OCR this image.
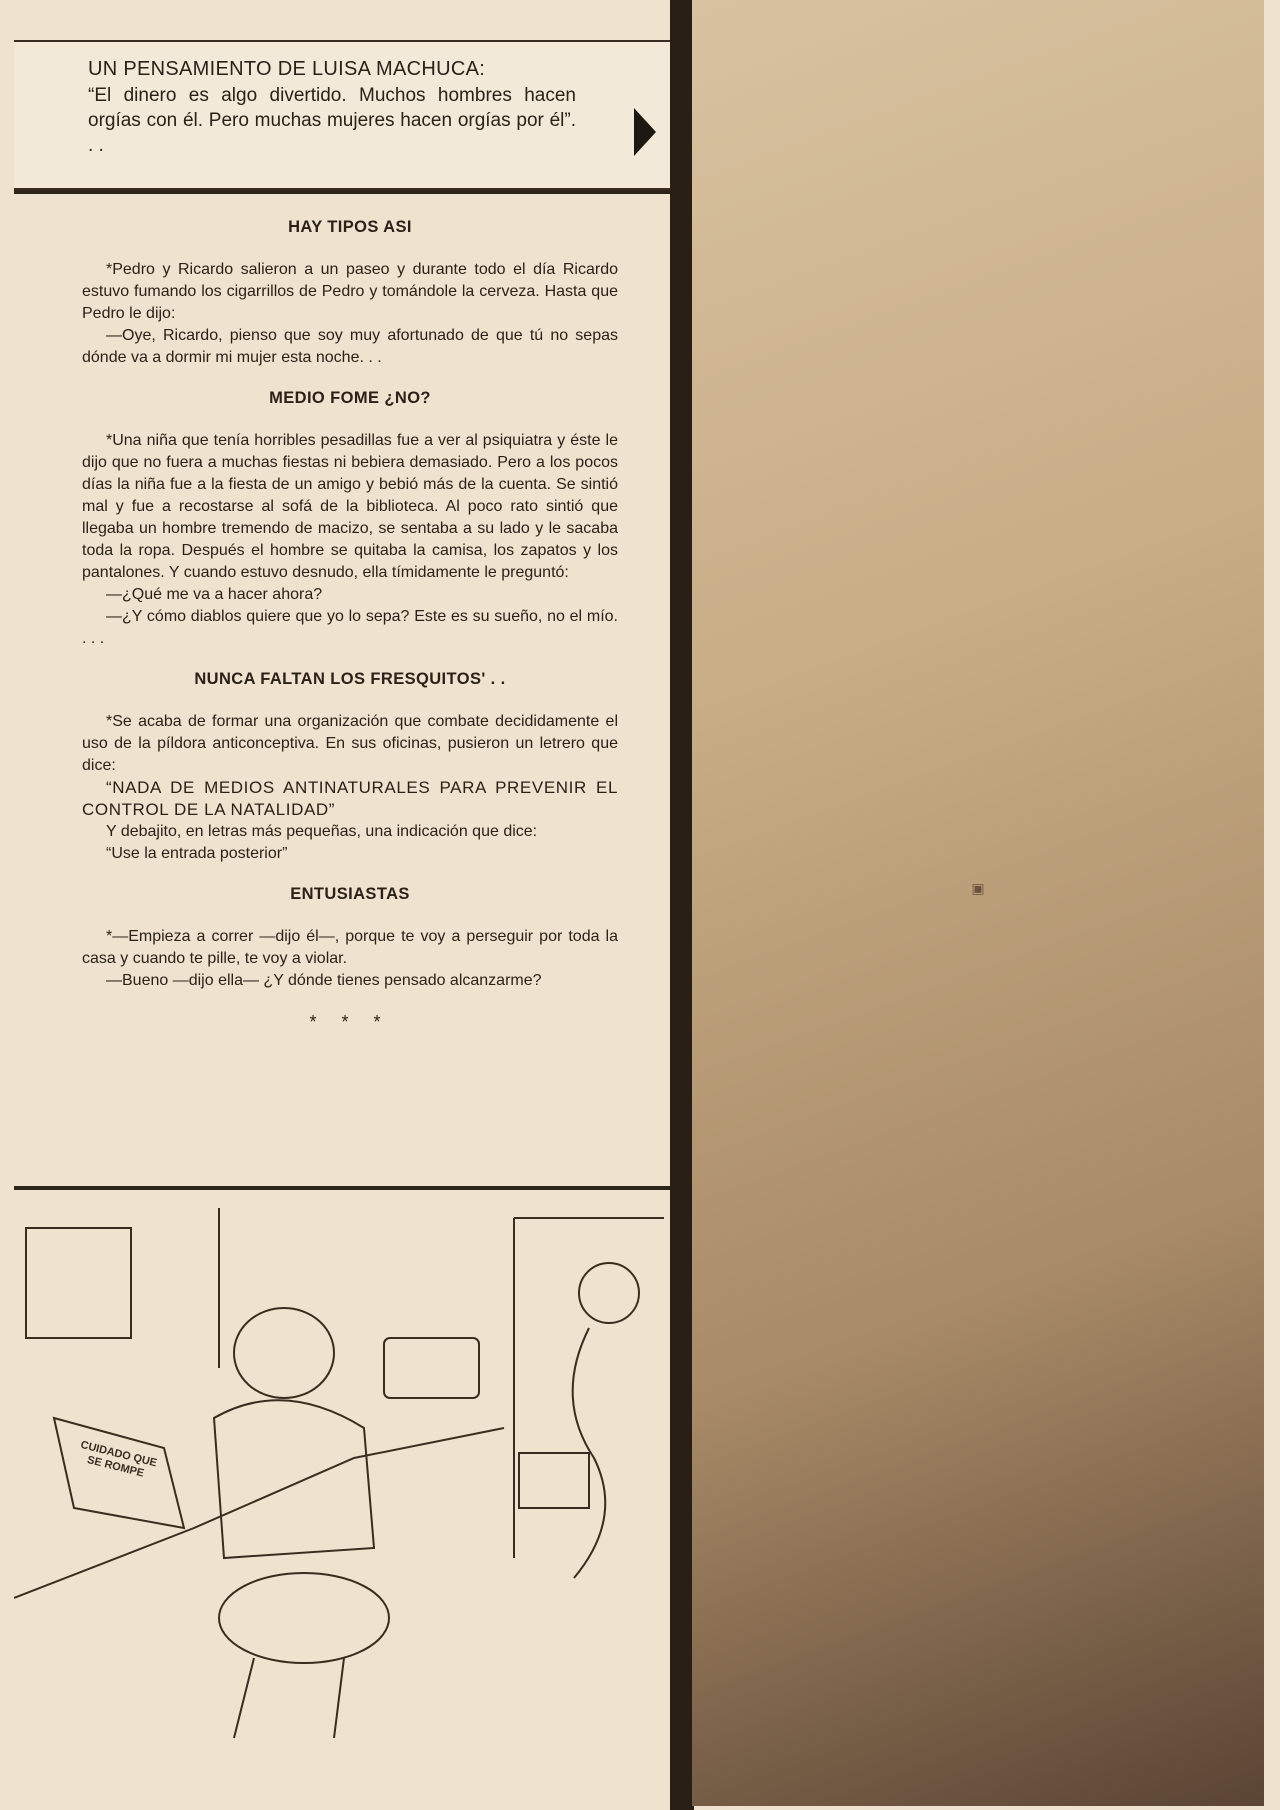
UN PENSAMIENTO DE LUISA MACHUCA:
“El dinero es algo divertido. Muchos hombres hacen orgías con él. Pero muchas mujeres hacen orgías por él”. . .
HAY TIPOS ASI

*Pedro y Ricardo salieron a un paseo y durante todo el día Ricardo estuvo fumando los cigarrillos de Pedro y tomándole la cerveza. Hasta que Pedro le dijo:

—Oye, Ricardo, pienso que soy muy afortunado de que tú no sepas dónde va a dormir mi mujer esta noche. . .

MEDIO FOME ¿NO?

*Una niña que tenía horribles pesadillas fue a ver al psiquiatra y éste le dijo que no fuera a muchas fiestas ni bebiera demasiado. Pero a los pocos días la niña fue a la fiesta de un amigo y bebió más de la cuenta. Se sintió mal y fue a recostarse al sofá de la biblioteca. Al poco rato sintió que llegaba un hombre tremendo de macizo, se sentaba a su lado y le sacaba toda la ropa. Después el hombre se quitaba la camisa, los zapatos y los pantalones. Y cuando estuvo desnudo, ella tímidamente le preguntó:

—¿Qué me va a hacer ahora?

—¿Y cómo diablos quiere que yo lo sepa? Este es su sueño, no el mío. . . .

NUNCA FALTAN LOS FRESQUITOS' . .

*Se acaba de formar una organización que combate decididamente el uso de la píldora anticonceptiva. En sus oficinas, pusieron un letrero que dice:

“NADA DE MEDIOS ANTINATURALES PARA PREVENIR EL CONTROL DE LA NATALIDAD”

Y debajito, en letras más pequeñas, una indicación que dice:

“Use la entrada posterior”

ENTUSIASTAS

*—Empieza a correr —dijo él—, porque te voy a perseguir por toda la casa y cuando te pille, te voy a violar.

—Bueno —dijo ella— ¿Y dónde tienes pensado alcanzarme?

* * *
CUIDADO QUE SE ROMPE
▣
